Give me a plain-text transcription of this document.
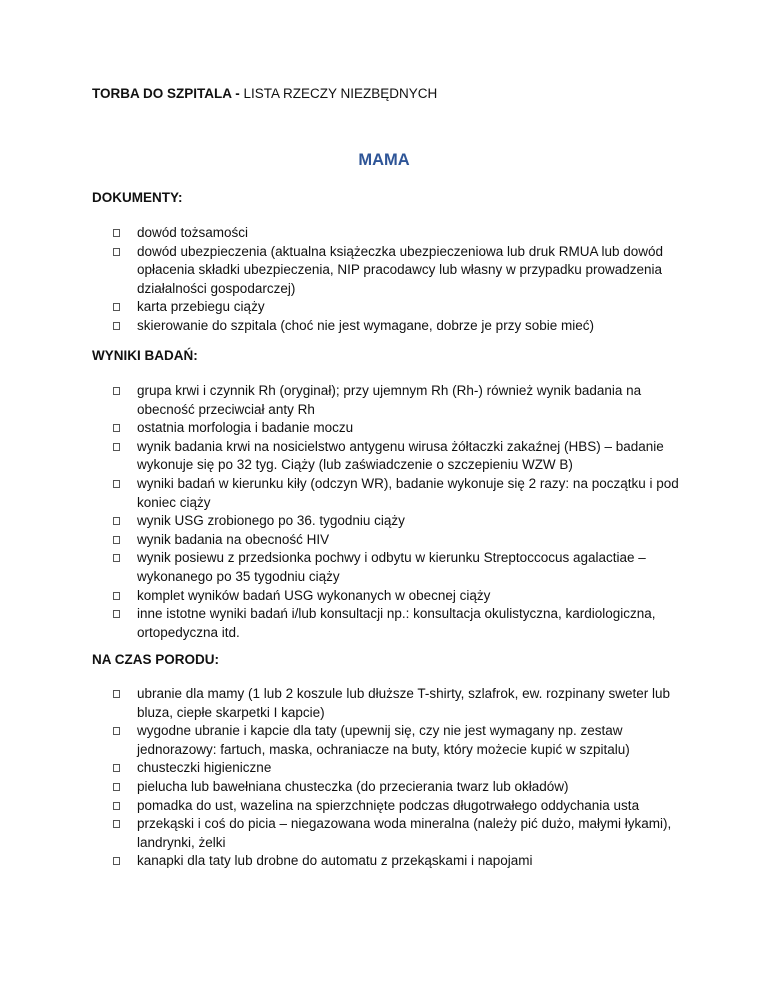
TORBA DO SZPITALA - LISTA RZECZY NIEZBĘDNYCH
MAMA
DOKUMENTY:
dowód tożsamości
dowód ubezpieczenia (aktualna książeczka ubezpieczeniowa lub druk RMUA lub dowód opłacenia składki ubezpieczenia, NIP pracodawcy lub własny w przypadku prowadzenia działalności gospodarczej)
karta przebiegu ciąży
skierowanie do szpitala (choć nie jest wymagane, dobrze je przy sobie mieć)
WYNIKI BADAŃ:
grupa krwi i czynnik Rh (oryginał); przy ujemnym Rh (Rh-) również wynik badania na obecność przeciwciał anty Rh
ostatnia morfologia i badanie moczu
wynik badania krwi na nosicielstwo antygenu wirusa żółtaczki zakaźnej (HBS) – badanie wykonuje się po 32 tyg. Ciąży (lub zaświadczenie o szczepieniu WZW B)
wyniki badań w kierunku kiły (odczyn WR), badanie wykonuje się 2 razy: na początku i pod koniec ciąży
wynik USG zrobionego po 36. tygodniu ciąży
wynik badania na obecność HIV
wynik posiewu z przedsionka pochwy i odbytu w kierunku Streptoccocus agalactiae – wykonanego po 35 tygodniu ciąży
komplet wyników badań USG wykonanych w obecnej ciąży
inne istotne wyniki badań i/lub konsultacji np.: konsultacja okulistyczna, kardiologiczna, ortopedyczna itd.
NA CZAS PORODU:
ubranie dla mamy (1 lub 2 koszule lub dłuższe T-shirty, szlafrok, ew. rozpinany sweter lub bluza, ciepłe skarpetki I kapcie)
wygodne ubranie i kapcie dla taty (upewnij się, czy nie jest wymagany np. zestaw jednorazowy: fartuch, maska, ochraniacze na buty, który możecie kupić w szpitalu)
chusteczki higieniczne
pielucha lub bawełniana chusteczka (do przecierania twarz lub okładów)
pomadka do ust, wazelina na spierzchnięte podczas długotrwałego oddychania usta
przekąski i coś do picia – niegazowana woda mineralna (należy pić dużo, małymi łykami), landrynki, żelki
kanapki dla taty lub drobne do automatu z przekąskami i napojami
